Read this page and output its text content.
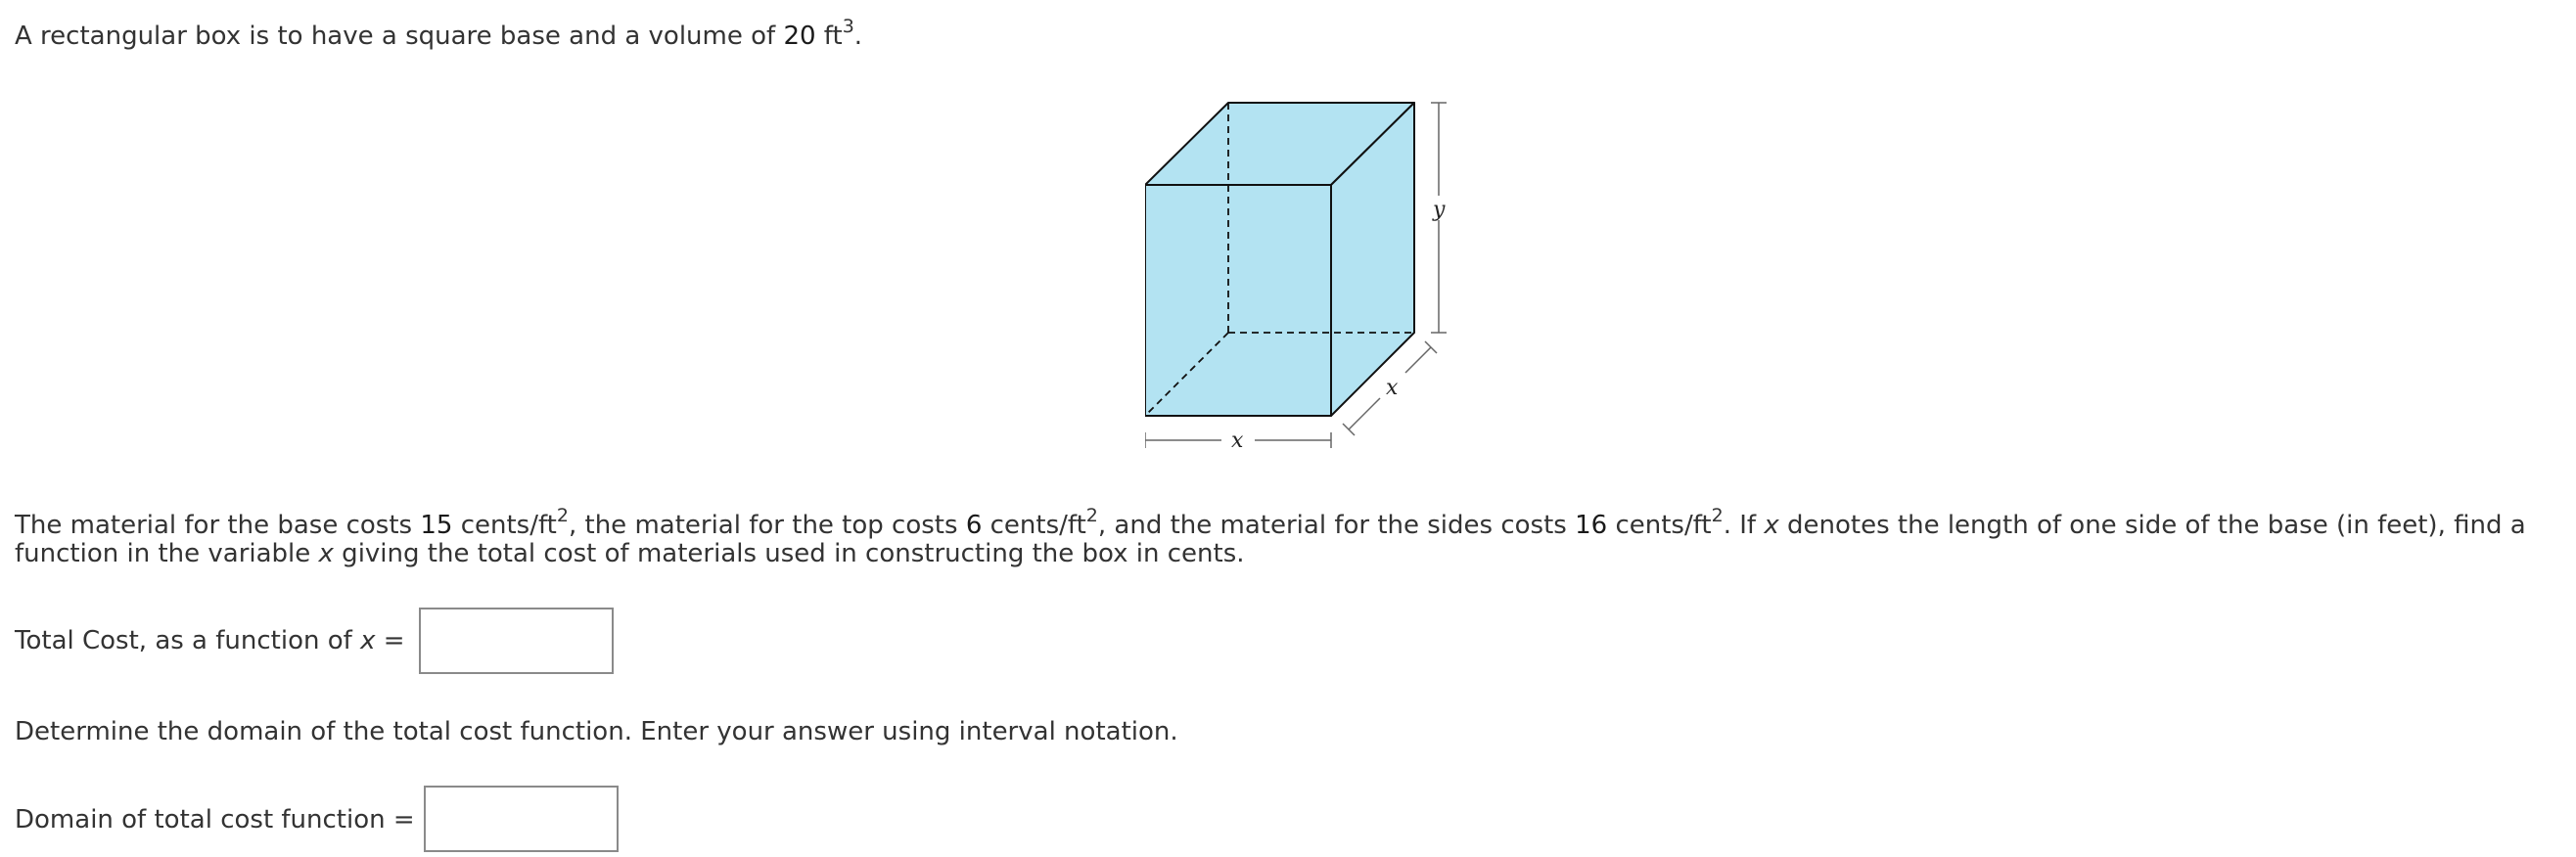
A rectangular box is to have a square base and a volume of 20 $ft^3$.
y
x
x
The material for the base costs 15 cents/$ft^2$, the material for the top costs 6 cents/$ft^2$, and the material for the sides costs 16 cents/$ft^2$. If x denotes the length of one side of the base (in feet), find a
function in the variable x giving the total cost of materials used in constructing the box in cents.
Total Cost, as a function of x =
Determine the domain of the total cost function. Enter your answer using interval notation.
Domain of total cost function =
